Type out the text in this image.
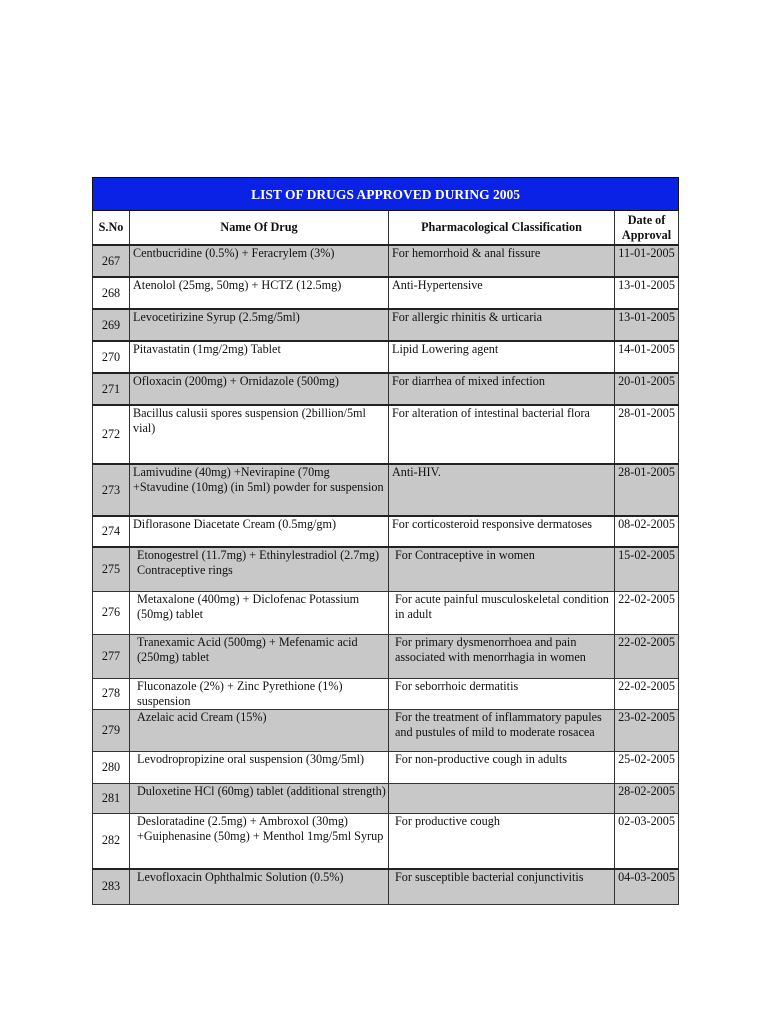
LIST OF DRUGS APPROVED DURING 2005			
S.No	Name Of Drug	Pharmacological Classification	Date of Approval
267	Centbucridine (0.5%) + Feracrylem (3%)	For hemorrhoid & anal fissure	11-01-2005
268	Atenolol (25mg, 50mg) + HCTZ (12.5mg)	Anti-Hypertensive	13-01-2005
269	Levocetirizine Syrup (2.5mg/5ml)	For allergic rhinitis & urticaria	13-01-2005
270	Pitavastatin (1mg/2mg) Tablet	Lipid Lowering agent	14-01-2005
271	Ofloxacin (200mg) + Ornidazole (500mg)	For diarrhea of mixed infection	20-01-2005
272	Bacillus calusii spores suspension (2billion/5ml vial)	For alteration of intestinal bacterial flora	28-01-2005
273	Lamivudine (40mg) +Nevirapine (70mg +Stavudine (10mg) (in 5ml) powder for suspension	Anti-HIV.	28-01-2005
274	Diflorasone Diacetate Cream (0.5mg/gm)	For corticosteroid responsive dermatoses	08-02-2005
275	Etonogestrel (11.7mg) + Ethinylestradiol (2.7mg) Contraceptive rings	For Contraceptive in women	15-02-2005
276	Metaxalone (400mg) + Diclofenac Potassium (50mg) tablet	For acute painful musculoskeletal condition in adult	22-02-2005
277	Tranexamic Acid (500mg) + Mefenamic acid (250mg) tablet	For primary dysmenorrhoea and pain associated with menorrhagia in women	22-02-2005
278	Fluconazole (2%) + Zinc Pyrethione (1%) suspension	For seborrhoic dermatitis	22-02-2005
279	Azelaic acid Cream (15%)	For the treatment of inflammatory papules and pustules of mild to moderate rosacea	23-02-2005
280	Levodropropizine oral suspension (30mg/5ml)	For non-productive cough in adults	25-02-2005
281	Duloxetine HCl (60mg) tablet (additional strength)		28-02-2005
282	Desloratadine (2.5mg) + Ambroxol (30mg) +Guiphenasine (50mg) + Menthol 1mg/5ml Syrup	For productive cough	02-03-2005
283	Levofloxacin Ophthalmic Solution (0.5%)	For susceptible bacterial conjunctivitis	04-03-2005
